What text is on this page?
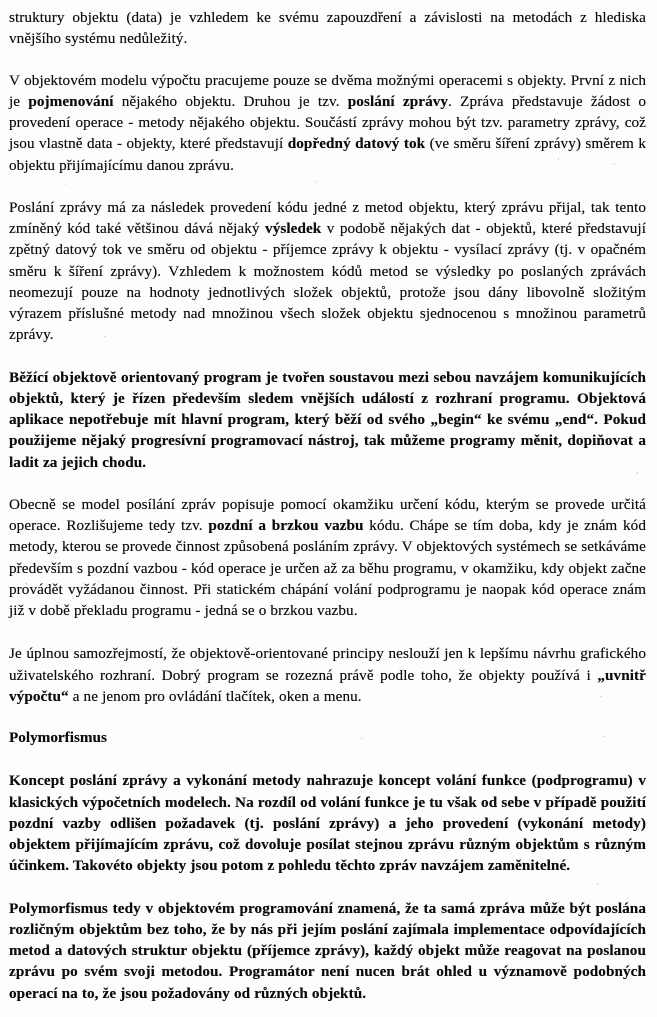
struktury objektu (data) je vzhledem ke svému zapouzdření a závislosti na metodách z hlediska vnějšího systému nedůležitý.

V objektovém modelu výpočtu pracujeme pouze se dvěma možnými operacemi s objekty. První z nich je pojmenování nějakého objektu. Druhou je tzv. poslání zprávy. Zpráva představuje žádost o provedení operace - metody nějakého objektu. Součástí zprávy mohou být tzv. parametry zprávy, což jsou vlastně data - objekty, které představují dopředný datový tok (ve směru šíření zprávy) směrem k objektu přijímajícímu danou zprávu.

Poslání zprávy má za následek provedení kódu jedné z metod objektu, který zprávu přijal, tak tento zmíněný kód také většinou dává nějaký výsledek v podobě nějakých dat - objektů, které představují zpětný datový tok ve směru od objektu - příjemce zprávy k objektu - vysílací zprávy (tj. v opačném směru k šíření zprávy). Vzhledem k možnostem kódů metod se výsledky po poslaných zprávách neomezují pouze na hodnoty jednotlivých složek objektů, protože jsou dány libovolně složitým výrazem příslušné metody nad množinou všech složek objektu sjednocenou s množinou parametrů zprávy.

Běžící objektově orientovaný program je tvořen soustavou mezi sebou navzájem komunikujících objektů, který je řízen především sledem vnějších událostí z rozhraní programu. Objektová aplikace nepotřebuje mít hlavní program, který běží od svého „begin“ ke svému „end“. Pokud použijeme nějaký progresívní programovací nástroj, tak můžeme programy měnit, dopiňovat a ladit za jejich chodu.

Obecně se model posílání zpráv popisuje pomocí okamžiku určení kódu, kterým se provede určitá operace. Rozlišujeme tedy tzv. pozdní a brzkou vazbu kódu. Chápe se tím doba, kdy je znám kód metody, kterou se provede činnost způsobená posláním zprávy. V objektových systémech se setkáváme především s pozdní vazbou - kód operace je určen až za běhu programu, v okamžiku, kdy objekt začne provádět vyžádanou činnost. Při statickém chápání volání podprogramu je naopak kód operace znám již v době překladu programu - jedná se o brzkou vazbu.

Je úplnou samozřejmostí, že objektově-orientované principy neslouží jen k lepšímu návrhu grafického uživatelského rozhraní. Dobrý program se rozezná právě podle toho, že objekty používá i „uvnitř výpočtu“ a ne jenom pro ovládání tlačítek, oken a menu.

Polymorfismus

Koncept poslání zprávy a vykonání metody nahrazuje koncept volání funkce (podprogramu) v klasických výpočetních modelech. Na rozdíl od volání funkce je tu však od sebe v případě použití pozdní vazby odlišen požadavek (tj. poslání zprávy) a jeho provedení (vykonání metody) objektem přijímajícím zprávu, což dovoluje posílat stejnou zprávu různým objektům s různým účinkem. Takovéto objekty jsou potom z pohledu těchto zpráv navzájem zaměnitelné.

Polymorfismus tedy v objektovém programování znamená, že ta samá zpráva může být poslána rozličným objektům bez toho, že by nás při jejím poslání zajímala implementace odpovídajících metod a datových struktur objektu (příjemce zprávy), každý objekt může reagovat na poslanou zprávu po svém svoji metodou. Programátor není nucen brát ohled u významově podobných operací na to, že jsou požadovány od různých objektů.
